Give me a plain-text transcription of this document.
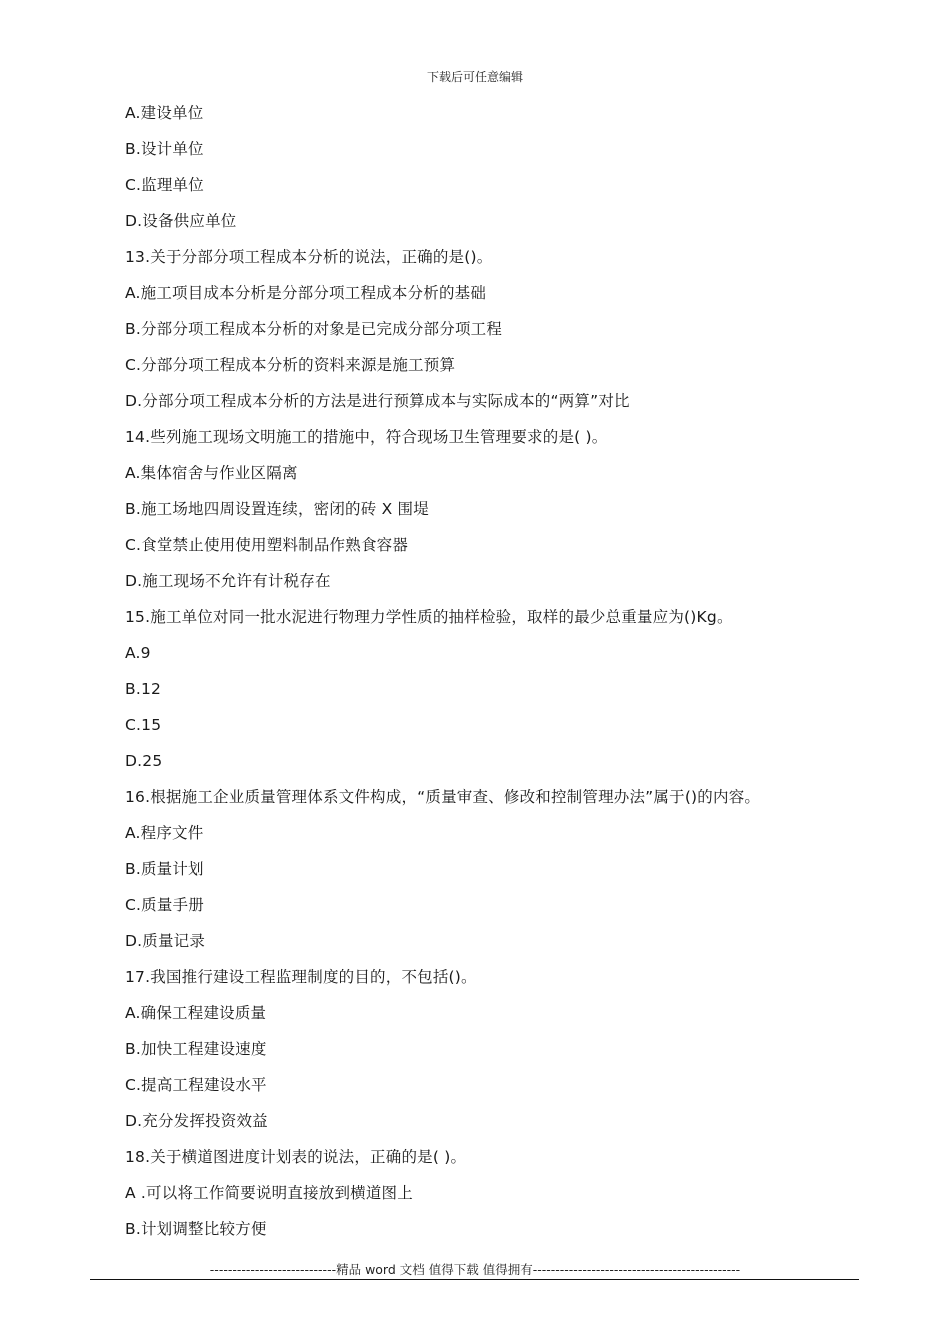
下载后可任意编辑
A.建设单位
B.设计单位
C.监理单位
D.设备供应单位
13.关于分部分项工程成本分析的说法，正确的是()。
A.施工项目成本分析是分部分项工程成本分析的基础
B.分部分项工程成本分析的对象是已完成分部分项工程
C.分部分项工程成本分析的资料来源是施工预算
D.分部分项工程成本分析的方法是进行预算成本与实际成本的“两算”对比
14.些列施工现场文明施工的措施中，符合现场卫生管理要求的是( )。
A.集体宿舍与作业区隔离
B.施工场地四周设置连续，密闭的砖 X 围堤
C.食堂禁止使用使用塑料制品作熟食容器
D.施工现场不允许有计税存在
15.施工单位对同一批水泥进行物理力学性质的抽样检验，取样的最少总重量应为()Kg。
A.9
B.12
C.15
D.25
16.根据施工企业质量管理体系文件构成，“质量审查、修改和控制管理办法”属于()的内容。
A.程序文件
B.质量计划
C.质量手册
D.质量记录
17.我国推行建设工程监理制度的目的，不包括()。
A.确保工程建设质量
B.加快工程建设速度
C.提高工程建设水平
D.充分发挥投资效益
18.关于横道图进度计划表的说法，正确的是( )。
A .可以将工作简要说明直接放到横道图上
B.计划调整比较方便
----------------------------精品 word 文档 值得下载 值得拥有----------------------------------------------
